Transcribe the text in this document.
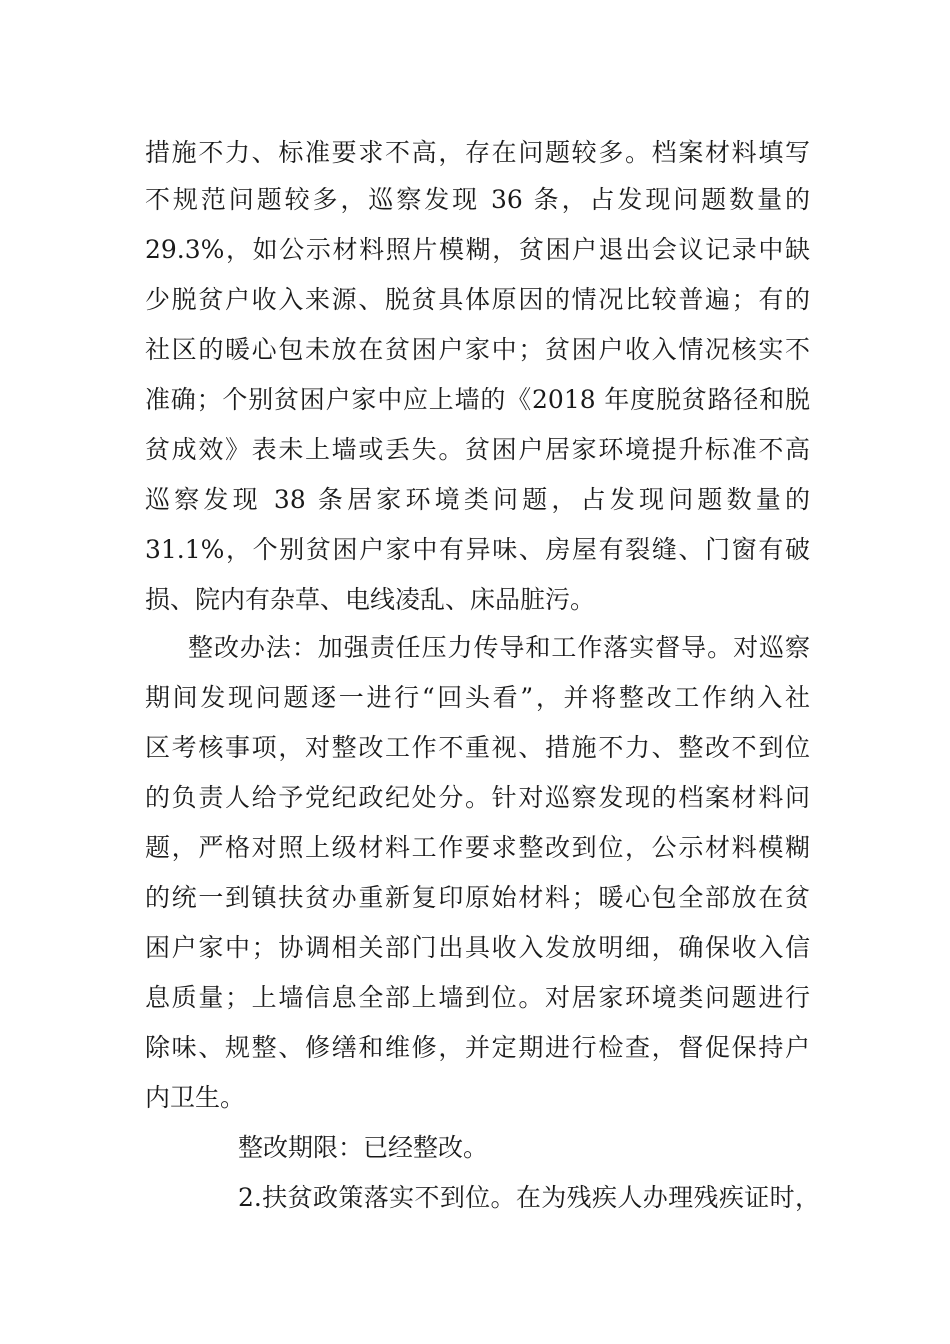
措施不力、标准要求不高，存在问题较多。档案材料填写
不规范问题较多，巡察发现 36 条，占发现问题数量的
29.3%，如公示材料照片模糊，贫困户退出会议记录中缺
少脱贫户收入来源、脱贫具体原因的情况比较普遍；有的
社区的暖心包未放在贫困户家中；贫困户收入情况核实不
准确；个别贫困户家中应上墙的《2018 年度脱贫路径和脱
贫成效》表未上墙或丢失。贫困户居家环境提升标准不高
巡察发现 38 条居家环境类问题，占发现问题数量的
31.1%，个别贫困户家中有异味、房屋有裂缝、门窗有破
损、院内有杂草、电线凌乱、床品脏污。
整改办法：加强责任压力传导和工作落实督导。对巡察
期间发现问题逐一进行“回头看”，并将整改工作纳入社
区考核事项，对整改工作不重视、措施不力、整改不到位
的负责人给予党纪政纪处分。针对巡察发现的档案材料问
题，严格对照上级材料工作要求整改到位，公示材料模糊
的统一到镇扶贫办重新复印原始材料；暖心包全部放在贫
困户家中；协调相关部门出具收入发放明细，确保收入信
息质量；上墙信息全部上墙到位。对居家环境类问题进行
除味、规整、修缮和维修，并定期进行检查，督促保持户
内卫生。
整改期限：已经整改。
2.扶贫政策落实不到位。在为残疾人办理残疾证时，
